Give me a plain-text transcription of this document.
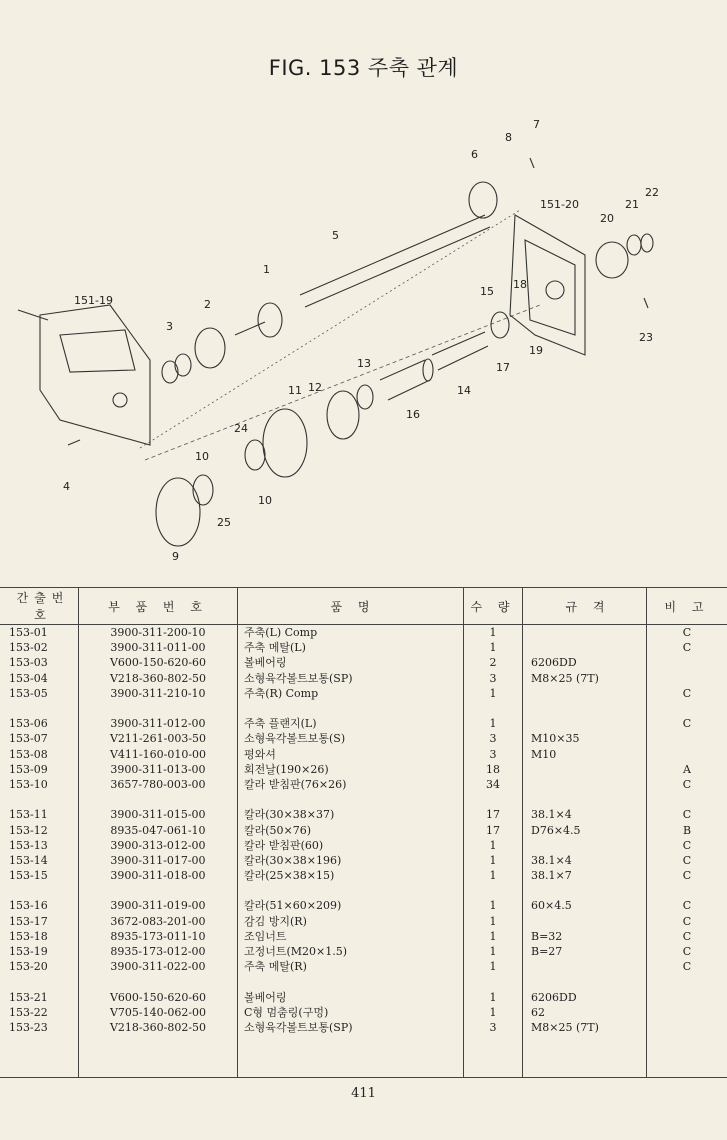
FIG. 153 주축 관계
1
2
3
4
5
6
7
8
9
10
10
11 12
13
14
15
16
17
18
19
20
21
22
23
24
25
151-19
151-20
간출번호	부 품 번 호	품 명	수 량	규 격	비 고
153-01	3900-311-200-10	주축(L) Comp	1		C
153-02	3900-311-011-00	주축 메탈(L)	1		C
153-03	V600-150-620-60	볼베어링	2	6206DD	
153-04	V218-360-802-50	소형육각볼트보통(SP)	3	M8×25 (7T)	
153-05	3900-311-210-10	주축(R) Comp	1		C

153-06	3900-311-012-00	주축 플랜지(L)	1		C
153-07	V211-261-003-50	소형육각볼트보통(S)	3	M10×35	
153-08	V411-160-010-00	평와셔	3	M10	
153-09	3900-311-013-00	회전날(190×26)	18		A
153-10	3657-780-003-00	칼라 받침판(76×26)	34		C

153-11	3900-311-015-00	칼라(30×38×37)	17	38.1×4	C
153-12	8935-047-061-10	칼라(50×76)	17	D76×4.5	B
153-13	3900-313-012-00	칼라 받침판(60)	1		C
153-14	3900-311-017-00	칼라(30×38×196)	1	38.1×4	C
153-15	3900-311-018-00	칼라(25×38×15)	1	38.1×7	C

153-16	3900-311-019-00	칼라(51×60×209)	1	60×4.5	C
153-17	3672-083-201-00	감김 방지(R)	1		C
153-18	8935-173-011-10	조임너트	1	B=32	C
153-19	8935-173-012-00	고정너트(M20×1.5)	1	B=27	C
153-20	3900-311-022-00	주축 메탈(R)	1		C

153-21	V600-150-620-60	볼베어링	1	6206DD	
153-22	V705-140-062-00	C형 멈춤링(구멍)	1	62	
153-23	V218-360-802-50	소형육각볼트보통(SP)	3	M8×25 (7T)	

411
